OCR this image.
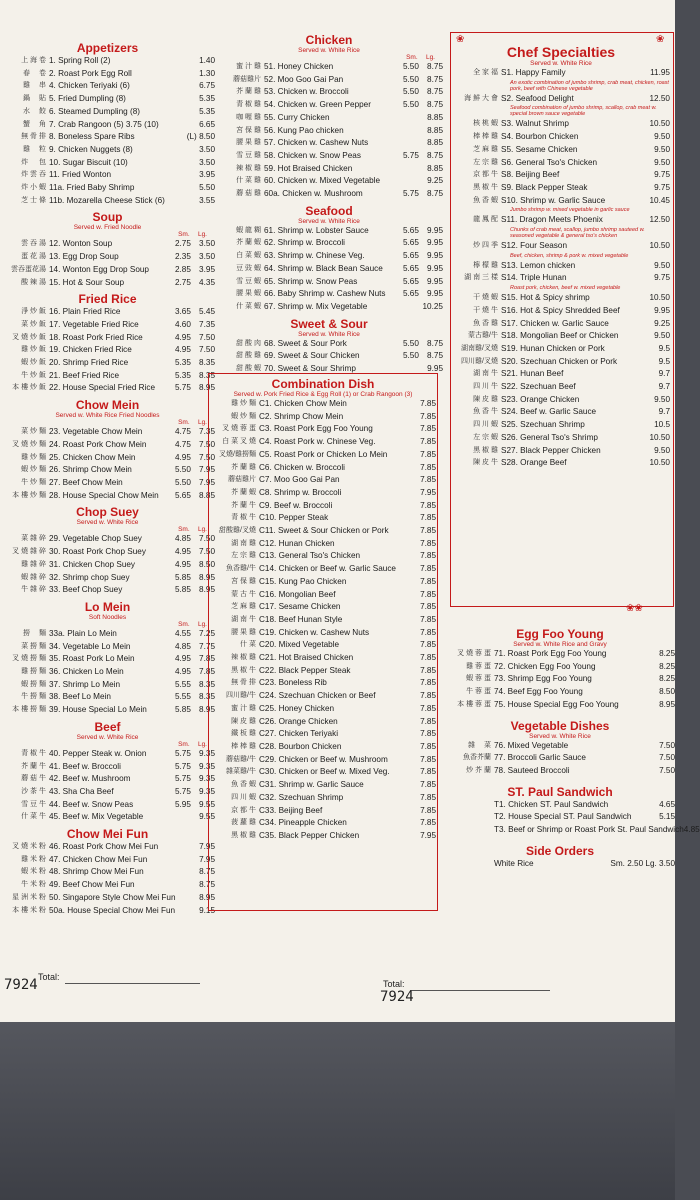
Appetizers
上 海 卷 1. Spring Roll (2)	1.40
春　 卷 2. Roast Pork Egg Roll	1.30
雞　 串 4. Chicken Teriyaki (6)	6.75
鍋　 貼 5. Fried Dumpling (8)	5.35
水　 餃 6. Steamed Dumpling (8)	5.35
蟹　 角 7. Crab Rangoon (5) 3.75 (10)	6.65
無 骨 排 8. Boneless Spare Ribs	(L) 8.50
雞　 粒 9. Chicken Nuggets (8)	3.50
炸 　 包 10. Sugar Biscuit (10)	3.50
炸 雲 吞 11. Fried Wonton	3.95
炸 小 蝦 11a. Fried Baby Shrimp	5.50
芝 士 條 11b. Mozarella Cheese Stick (6)	3.55
Soup
Served w. Fried Noodle
Sm.　 Lg.
雲 吞 湯 12. Wonton Soup	2.75　3.50
蛋 花 湯 13. Egg Drop Soup	2.35　3.50
雲吞蛋花湯 14. Wonton Egg Drop Soup	2.85　3.95
酸 辣 湯 15. Hot & Sour Soup	2.75　4.35
Fried Rice
淨 炒 飯 16. Plain Fried Rice	3.65　5.45
菜 炒 飯 17. Vegetable Fried Rice	4.60　7.35
叉 燒 炒 飯 18. Roast Pork Fried Rice	4.95　7.50
雞 炒 飯 19. Chicken Fried Rice	4.95　7.50
蝦 炒 飯 20. Shrimp Fried Rice	5.35　8.35
牛 炒 飯 21. Beef Fried Rice	5.35　8.35
本 樓 炒 飯 22. House Special Fried Rice	5.75　8.95
Chow Mein
Served w. White Rice Fried Noodles
Sm.　 Lg.
菜 炒 麵 23. Vegetable Chow Mein	4.75　7.35
叉 燒 炒 麵 24. Roast Pork Chow Mein	4.75　7.50
雞 炒 麵 25. Chicken Chow Mein	4.95　7.50
蝦 炒 麵 26. Shrimp Chow Mein	5.50　7.95
牛 炒 麵 27. Beef Chow Mein	5.50　7.95
本 樓 炒 麵 28. House Special Chow Mein	5.65　8.85
Chop Suey
Served w. White Rice
Sm.　 Lg.
菜 雜 碎 29. Vegetable Chop Suey	4.85　7.50
叉 燒 雜 碎 30. Roast Pork Chop Suey	4.95　7.50
雞 雜 碎 31. Chicken Chop Suey	4.95　8.50
蝦 雜 碎 32. Shrimp chop Suey	5.85　8.95
牛 雜 碎 33. Beef Chop Suey	5.85　8.95
Lo Mein
Soft Noodles
Sm.　 Lg.
撈　 麵 33a. Plain Lo Mein	4.55　7.25
菜 撈 麵 34. Vegetable Lo Mein	4.85　7.75
叉 燒 撈 麵 35. Roast Pork Lo Mein	4.95　7.85
雞 撈 麵 36. Chicken Lo Mein	4.95　7.85
蝦 撈 麵 37. Shrimp Lo Mein	5.55　8.35
牛 撈 麵 38. Beef Lo Mein	5.55　8.35
本 樓 撈 麵 39. House Special Lo Mein	5.85　8.95
Beef
Served w. White Rice
Sm.　 Lg.
青 椒 牛 40. Pepper Steak w. Onion	5.75　9.35
芥 蘭 牛 41. Beef w. Broccoli	5.75　9.35
蘑 菇 牛 42. Beef w. Mushroom	5.75　9.35
沙 茶 牛 43. Sha Cha Beef	5.75　9.35
雪 豆 牛 44. Beef w. Snow Peas	5.95　9.55
什 菜 牛 45. Beef w. Mix Vegetable	9.55
Chow Mei Fun
叉 燒 米 粉 46. Roast Pork Chow Mei Fun	7.95
雞 米 粉 47. Chicken Chow Mei Fun	7.95
蝦 米 粉 48. Shrimp Chow Mei Fun	8.75
牛 米 粉 49. Beef Chow Mei Fun	8.75
星 洲 米 粉 50. Singapore Style Chow Mei Fun	8.95
本 樓 米 粉 50a. House Special Chow Mei Fun	9.15
Chicken
Served w. White Rice
Sm.　 Lg.
蜜 汁 雞 51. Honey Chicken	5.50　8.75
蘑菇雞片 52. Moo Goo Gai Pan	5.50　8.75
芥 蘭 雞 53. Chicken w. Broccoli	5.50　8.75
青 椒 雞 54. Chicken w. Green Pepper	5.50　8.75
咖 喱 雞 55. Curry Chicken	8.85
宮 保 雞 56. Kung Pao chicken	8.85
腰 果 雞 57. Chicken w. Cashew Nuts	8.85
雪 豆 雞 58. Chicken w. Snow Peas	5.75　8.75
辣 椒 雞 59. Hot Braised Chicken	8.85
什 菜 雞 60. Chicken w. Mixed Vegetable	9.25
蘑 菇 雞 60a. Chicken w. Mushroom	5.75　8.75
Seafood
Served w. White Rice
蝦 龍 糊 61. Shrimp w. Lobster Sauce	5.65　9.95
芥 蘭 蝦 62. Shrimp w. Broccoli	5.65　9.95
白 菜 蝦 63. Shrimp w. Chinese Veg.	5.65　9.95
豆 豉 蝦 64. Shrimp w. Black Bean Sauce	5.65　9.95
雪 豆 蝦 65. Shrimp w. Snow Peas	5.65　9.95
腰 果 蝦 66. Baby Shrimp w. Cashew Nuts	5.65　9.95
什 菜 蝦 67. Shrimp w. Mix Vegetable	10.25
Sweet & Sour
Served w. White Rice
甜 酸 肉 68. Sweet & Sour Pork	5.50　8.75
甜 酸 雞 69. Sweet & Sour Chicken	5.50　8.75
甜 酸 蝦 70. Sweet & Sour Shrimp	9.95
Combination Dish
Served w. Pork Fried Rice & Egg Roll (1) or Crab Rangoon (3)
雞 炒 麵 C1. Chicken Chow Mein	7.85
蝦 炒 麵 C2. Shrimp Chow Mein	7.85
叉 燒 蓉 蛋 C3. Roast Pork Egg Foo Young	7.85
白 菜 叉 燒 C4. Roast Pork w. Chinese Veg.	7.85
叉燒/雞撈麵 C5. Roast Pork or Chicken Lo Mein	7.85
芥 蘭 雞 C6. Chicken w. Broccoli	7.85
蘑菇雞片 C7. Moo Goo Gai Pan	7.85
芥 蘭 蝦 C8. Shrimp w. Broccoli	7.95
芥 蘭 牛 C9. Beef w. Broccoli	7.85
青 椒 牛 C10. Pepper Steak	7.85
甜酸雞/叉燒 C11. Sweet & Sour Chicken or Pork	7.85
湖 南 雞 C12. Hunan Chicken	7.85
左 宗 雞 C13. General Tso's Chicken	7.85
魚香雞/牛 C14. Chicken or Beef w. Garlic Sauce	7.85
宮 保 雞 C15. Kung Pao Chicken	7.85
蒙 古 牛 C16. Mongolian Beef	7.85
芝 麻 雞 C17. Sesame Chicken	7.85
湖 南 牛 C18. Beef Hunan Style	7.85
腰 果 雞 C19. Chicken w. Cashew Nuts	7.85
什 菜 C20. Mixed Vegetable	7.85
辣 椒 雞 C21. Hot Braised Chicken	7.85
黑 椒 牛 C22. Black Pepper Steak	7.85
無 骨 排 C23. Boneless Rib	7.85
四川雞/牛 C24. Szechuan Chicken or Beef	7.85
蜜 汁 雞 C25. Honey Chicken	7.85
陳 皮 雞 C26. Orange Chicken	7.85
鐵 板 雞 C27. Chicken Teriyaki	7.85
棒 棒 雞 C28. Bourbon Chicken	7.85
蘑菇雞/牛 C29. Chicken or Beef w. Mushroom	7.85
雜菜雞/牛 C30. Chicken or Beef w. Mixed Veg.	7.85
魚 香 蝦 C31. Shrimp w. Garlic Sauce	7.85
四 川 蝦 C32. Szechuan Shrimp	7.85
京 都 牛 C33. Beijing Beef	7.85
菠 蘿 雞 C34. Pineapple Chicken	7.85
黑 椒 雞 C35. Black Pepper Chicken	7.95
Chef Specialties
Served w. White Rice
全 家 福 S1. Happy Family	11.95
An exotic combination of jumbo shrimp, crab meat, chicken, roast pork, beef with Chinese vegetable
海 鮮 大 會 S2. Seafood Delight	12.50
Seafood combination of jumbo shrimp, scallop, crab meat w. special brown sauce vegetable
核 桃 蝦 S3. Walnut Shrimp	10.50
棒 棒 雞 S4. Bourbon Chicken	9.50
芝 麻 雞 S5. Sesame Chicken	9.50
左 宗 雞 S6. General Tso's Chicken	9.50
京 都 牛 S8. Beijing Beef	9.75
黑 椒 牛 S9. Black Pepper Steak	9.75
魚 香 蝦 S10. Shrimp w. Garlic Sauce	10.45
Jumbo shrimp w. mixed vegetable in garlic sauce
龍 鳳 配 S11. Dragon Meets Phoenix	12.50
Chunks of crab meat, scallop, jumbo shrimp sauteed w. seasoned vegetable & general tso's chicken
炒 四 季 S12. Four Season	10.50
Beef, chicken, shrimp & pork w. mixed vegetable
檸 檬 雞 S13. Lemon chicken	9.50
湖 南 三 樣 S14. Triple Hunan	9.75
Roast pork, chicken, beef w. mixed vegetable
干 燒 蝦 S15. Hot & Spicy shrimp	10.50
干 燒 牛 S16. Hot & Spicy Shredded Beef	9.95
魚 香 雞 S17. Chicken w. Garlic Sauce	9.25
蒙古雞/牛 S18. Mongolian Beef or Chicken	9.50
湖南雞/叉燒 S19. Hunan Chicken or Pork	9.5
四川雞/叉燒 S20. Szechuan Chicken or Pork	9.5
湖 南 牛 S21. Hunan Beef	9.7
四 川 牛 S22. Szechuan Beef	9.7
陳 皮 雞 S23. Orange Chicken	9.50
魚 香 牛 S24. Beef w. Garlic Sauce	9.7
四 川 蝦 S25. Szechuan Shrimp	10.5
左 宗 蝦 S26. General Tso's Shrimp	10.50
黑 椒 雞 S27. Black Pepper Chicken	9.50
陳 皮 牛 S28. Orange Beef	10.50
Egg Foo Young
Served w. White Rice and Gravy
叉 燒 蓉 蛋 71. Roast Pork Egg Foo Young	8.25
雞 蓉 蛋 72. Chicken Egg Foo Young	8.25
蝦 蓉 蛋 73. Shrimp Egg Foo Young	8.25
牛 蓉 蛋 74. Beef Egg Foo Young	8.50
本 樓 蓉 蛋 75. House Special Egg Foo Young	8.95
Vegetable Dishes
Served w. White Rice
雜　 菜 76. Mixed Vegetable	7.50
魚香芥蘭 77. Broccoli Garlic Sauce	7.50
炒 芥 蘭 78. Sauteed Broccoli	7.50
ST. Paul Sandwich
T1. Chicken ST. Paul Sandwich	4.65
T2. House Special ST. Paul Sandwich	5.15
T3. Beef or Shrimp or Roast Pork St. Paul Sandwich 4.85
Side Orders
White Rice	Sm. 2.50 Lg. 3.50
❀	❀
❀❀
Total:
7924	Total:
7924
